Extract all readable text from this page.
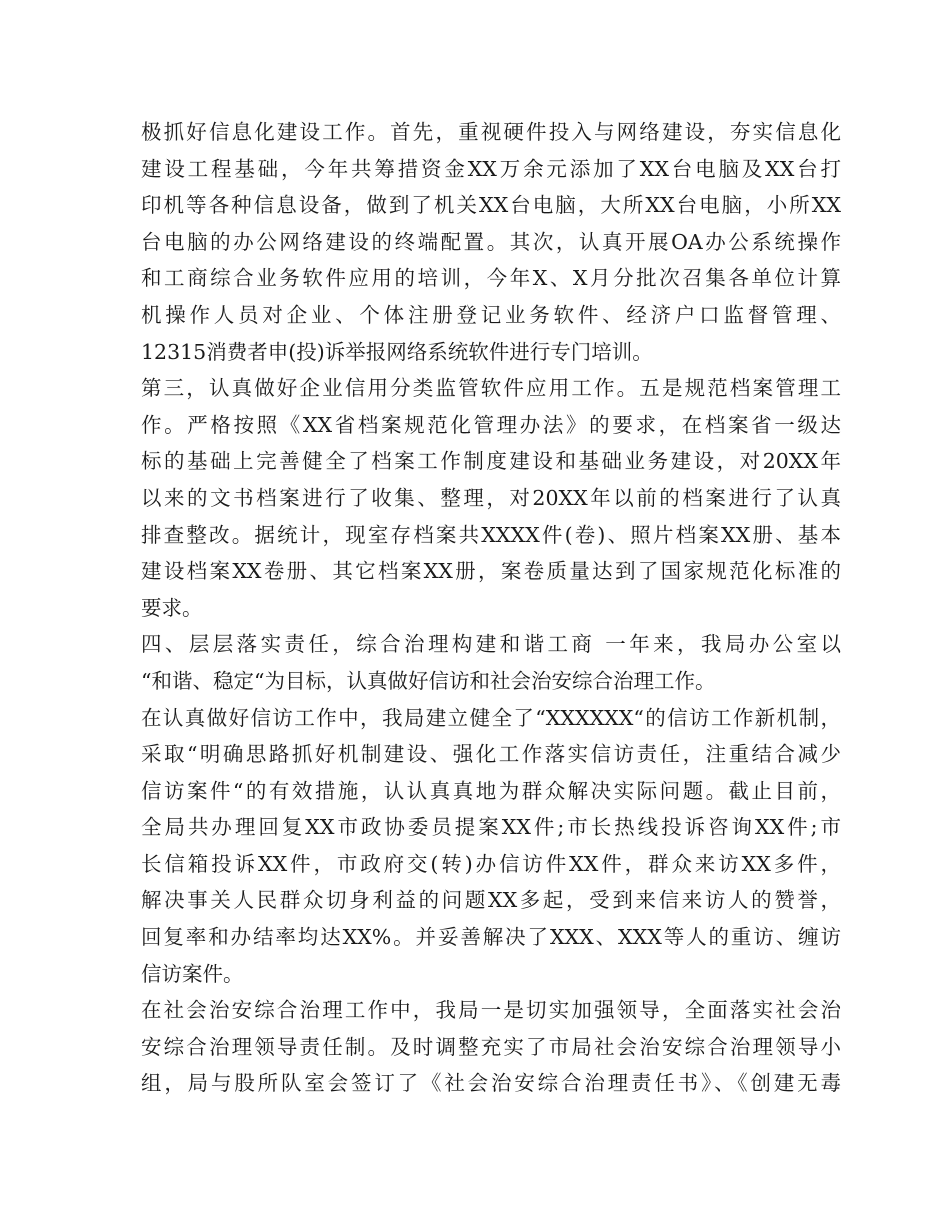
极抓好信息化建设工作。首先，重视硬件投入与网络建设，夯实信息化
建设工程基础，今年共筹措资金XX万余元添加了XX台电脑及XX台打
印机等各种信息设备，做到了机关XX台电脑，大所XX台电脑，小所XX
台电脑的办公网络建设的终端配置。其次，认真开展OA办公系统操作
和工商综合业务软件应用的培训，今年X、X月分批次召集各单位计算
机操作人员对企业、个体注册登记业务软件、经济户口监督管理、
12315消费者申(投)诉举报网络系统软件进行专门培训。
第三，认真做好企业信用分类监管软件应用工作。五是规范档案管理工
作。严格按照《XX省档案规范化管理办法》的要求，在档案省一级达
标的基础上完善健全了档案工作制度建设和基础业务建设，对20XX年
以来的文书档案进行了收集、整理，对20XX年以前的档案进行了认真
排查整改。据统计，现室存档案共XXXX件(卷)、照片档案XX册、基本
建设档案XX卷册、其它档案XX册，案卷质量达到了国家规范化标准的
要求。
四、层层落实责任，综合治理构建和谐工商 一年来，我局办公室以
“和谐、稳定“为目标，认真做好信访和社会治安综合治理工作。
在认真做好信访工作中，我局建立健全了“XXXXXX“的信访工作新机制，
采取“明确思路抓好机制建设、强化工作落实信访责任，注重结合减少
信访案件“的有效措施，认认真真地为群众解决实际问题。截止目前，
全局共办理回复XX市政协委员提案XX件;市长热线投诉咨询XX件;市
长信箱投诉XX件，市政府交(转)办信访件XX件，群众来访XX多件，
解决事关人民群众切身利益的问题XX多起，受到来信来访人的赞誉，
回复率和办结率均达XX%。并妥善解决了XXX、XXX等人的重访、缠访
信访案件。
在社会治安综合治理工作中，我局一是切实加强领导，全面落实社会治
安综合治理领导责任制。及时调整充实了市局社会治安综合治理领导小
组，局与股所队室会签订了《社会治安综合治理责任书》、《创建无毒
